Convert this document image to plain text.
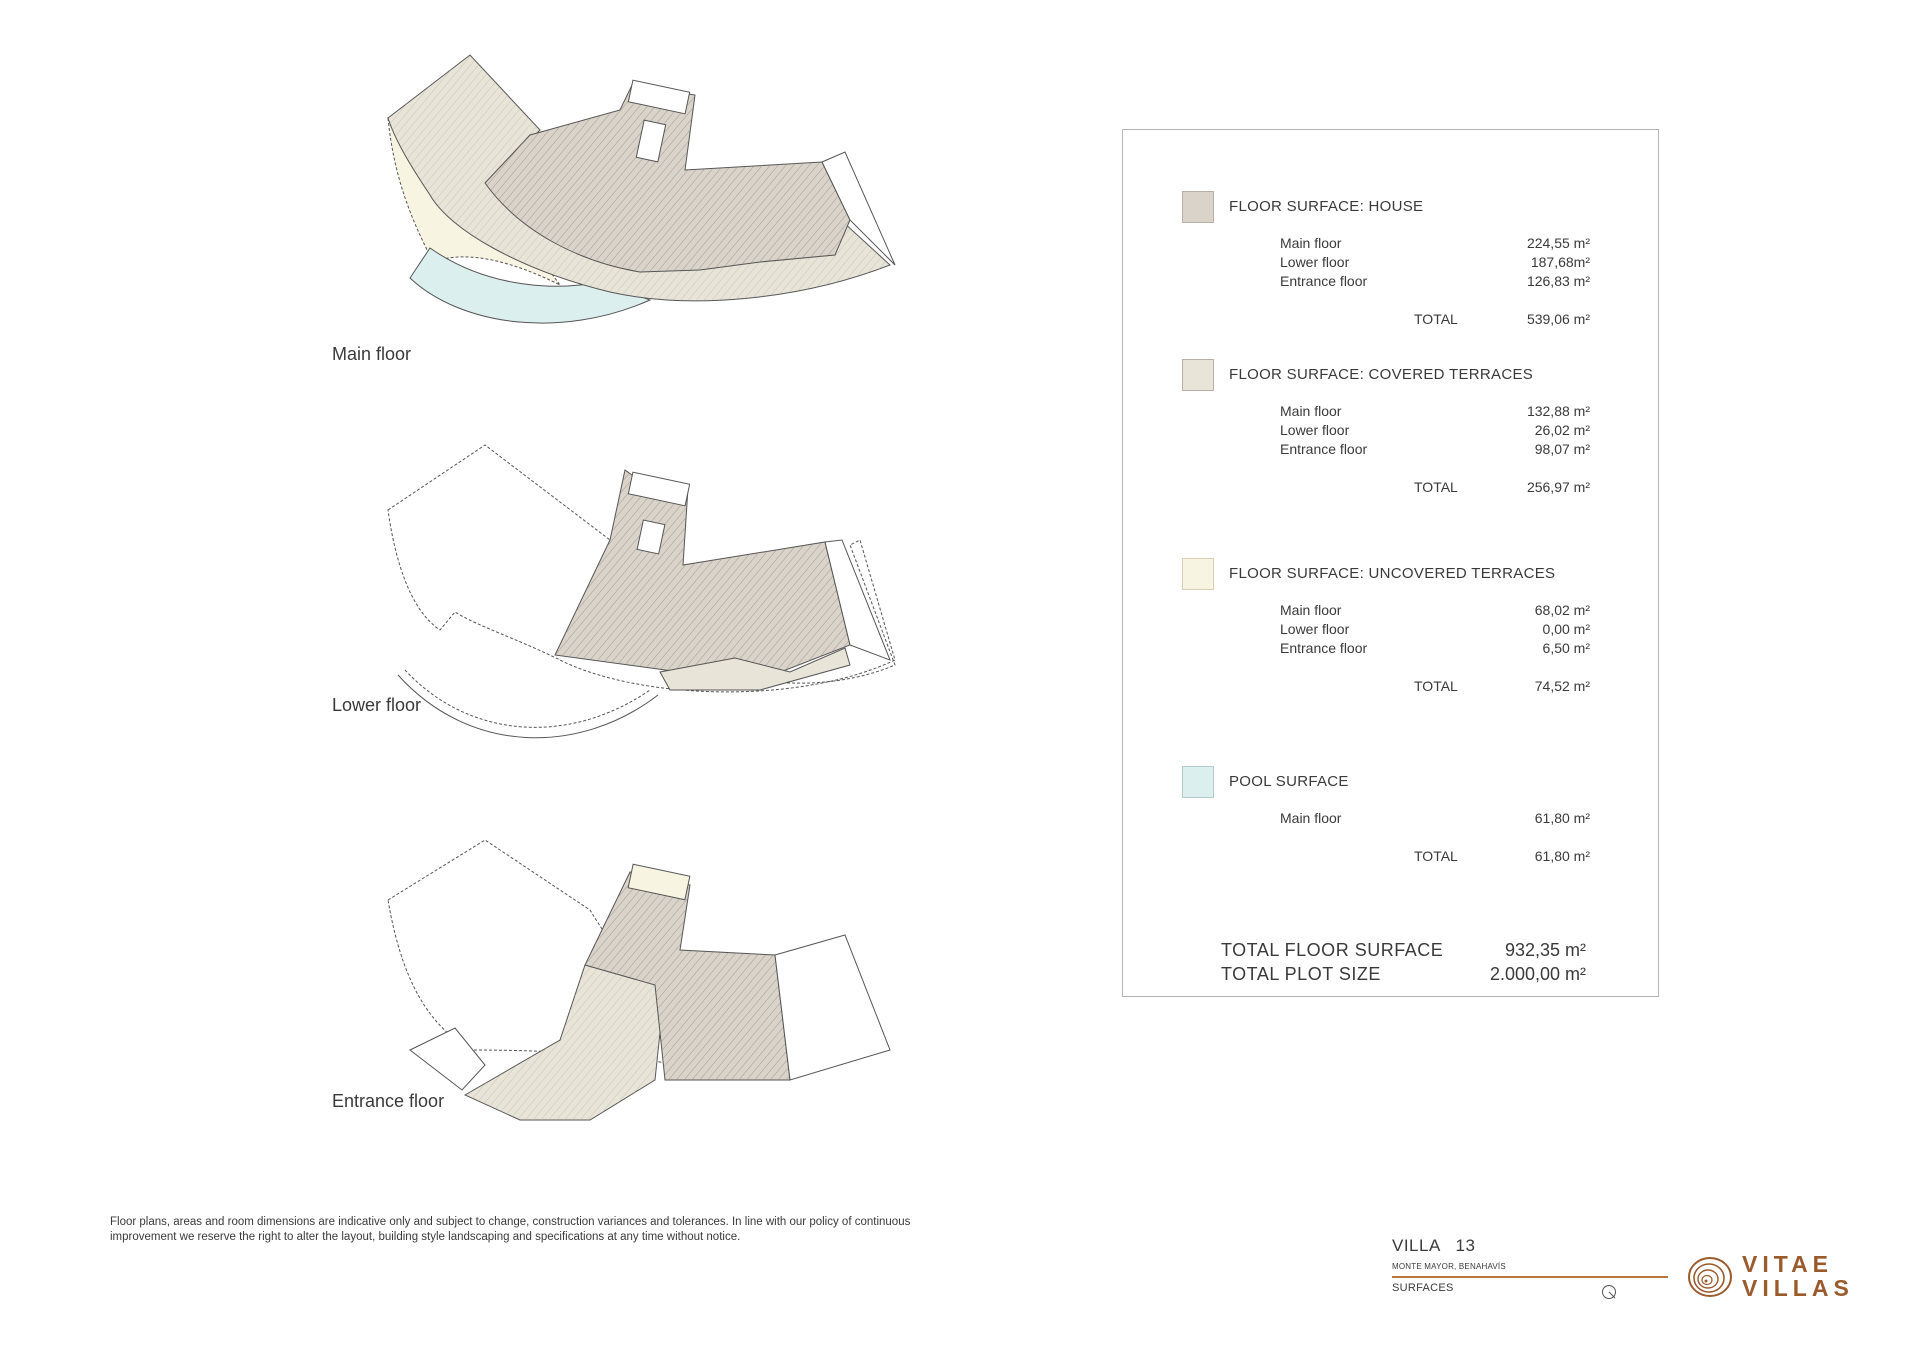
Main floor
Lower floor
Entrance floor
FLOOR SURFACE: HOUSE
Main floor	224,55 m²
Lower floor	187,68m²
Entrance floor	126,83 m²
TOTAL	539,06 m²
FLOOR SURFACE: COVERED TERRACES
Main floor	132,88 m²
Lower floor	26,02 m²
Entrance floor	98,07 m²
TOTAL	256,97 m²
FLOOR SURFACE: UNCOVERED TERRACES
Main floor	68,02 m²
Lower floor	0,00 m²
Entrance floor	6,50 m²
TOTAL	74,52 m²
POOL SURFACE
Main floor	61,80 m²
TOTAL	61,80 m²
TOTAL FLOOR SURFACE	932,35 m²
TOTAL PLOT SIZE	2.000,00 m²
Floor plans, areas and room dimensions are indicative only and subject to change, construction variances and tolerances. In line with our policy of continuous improvement we reserve the right to alter the layout, building style landscaping and specifications at any time without notice.	VILLA   13
MONTE MAYOR, BENAHAVÍS
SURFACES
VITAE
VILLAS
